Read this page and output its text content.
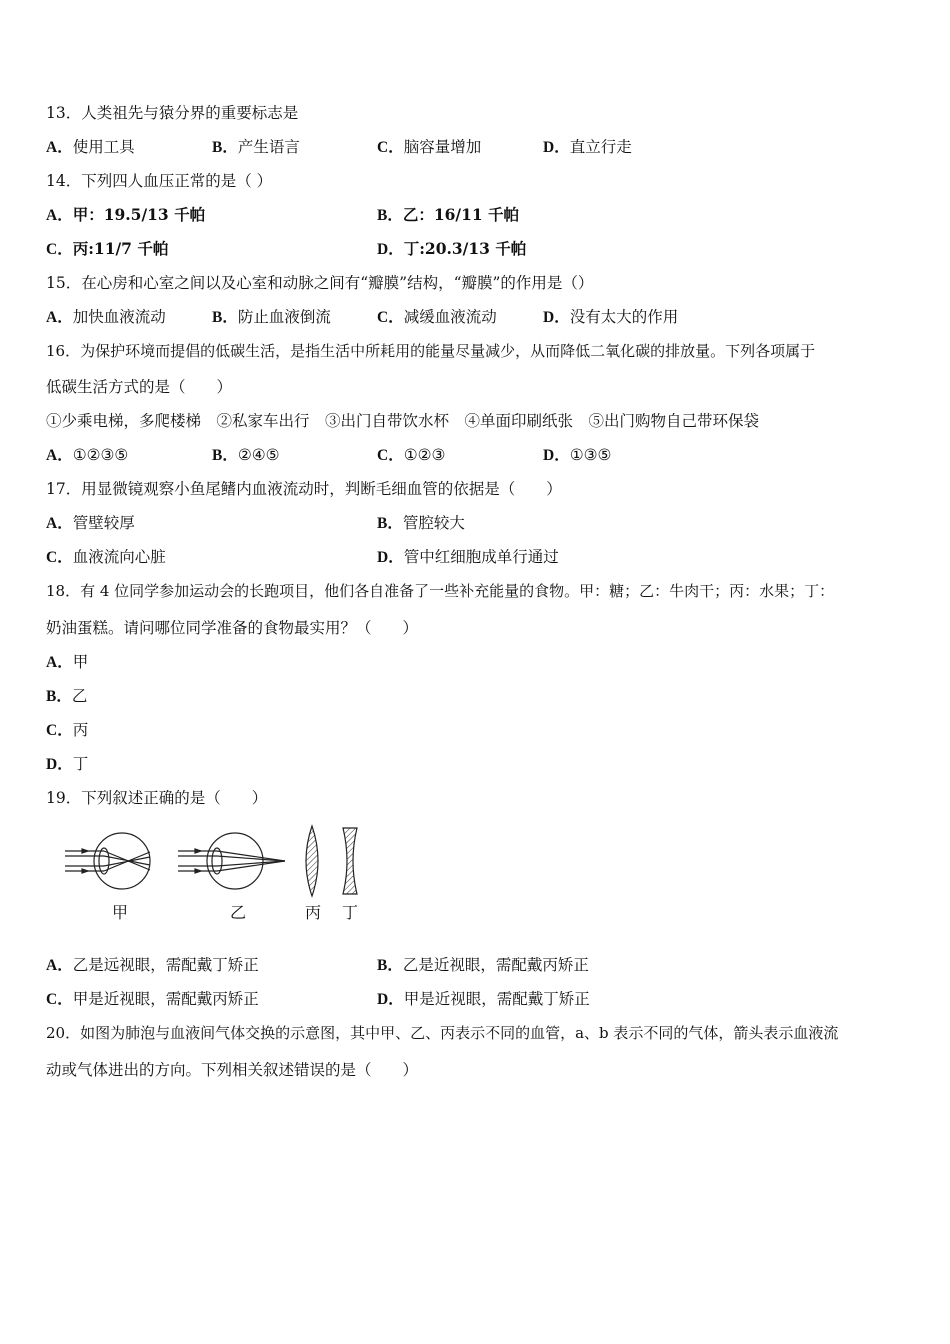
13．人类祖先与猿分界的重要标志是
A．使用工具	B．产生语言	C．脑容量增加	D．直立行走
14．下列四人血压正常的是（ ）
A．甲：19.5/13 千帕	B．乙：16/11 千帕
C．丙:11/7 千帕	D．丁:20.3/13 千帕
15．在心房和心室之间以及心室和动脉之间有“瓣膜”结构，“瓣膜”的作用是（）
A．加快血液流动	B．防止血液倒流	C．减缓血液流动	D．没有太大的作用
16．为保护环境而提倡的低碳生活，是指生活中所耗用的能量尽量减少，从而降低二氧化碳的排放量。下列各项属于
低碳生活方式的是（　　）
①少乘电梯，多爬楼梯　②私家车出行　③出门自带饮水杯　④单面印刷纸张　⑤出门购物自己带环保袋
A．①②③⑤	B．②④⑤	C．①②③	D．①③⑤
17．用显微镜观察小鱼尾鳍内血液流动时，判断毛细血管的依据是（　　）
A．管壁较厚	B．管腔较大
C．血液流向心脏	D．管中红细胞成单行通过
18．有 4 位同学参加运动会的长跑项目，他们各自准备了一些补充能量的食物。甲：糖；乙：牛肉干；丙：水果；丁：
奶油蛋糕。请问哪位同学准备的食物最实用？（　　）
A．甲
B．乙
C．丙
D．丁
19．下列叙述正确的是（　　）
甲	乙	丙 丁
A．乙是远视眼，需配戴丁矫正	B．乙是近视眼，需配戴丙矫正
C．甲是近视眼，需配戴丙矫正	D．甲是近视眼，需配戴丁矫正
20．如图为肺泡与血液间气体交换的示意图，其中甲、乙、丙表示不同的血管，a、b 表示不同的气体，箭头表示血液流
动或气体进出的方向。下列相关叙述错误的是（　　）
